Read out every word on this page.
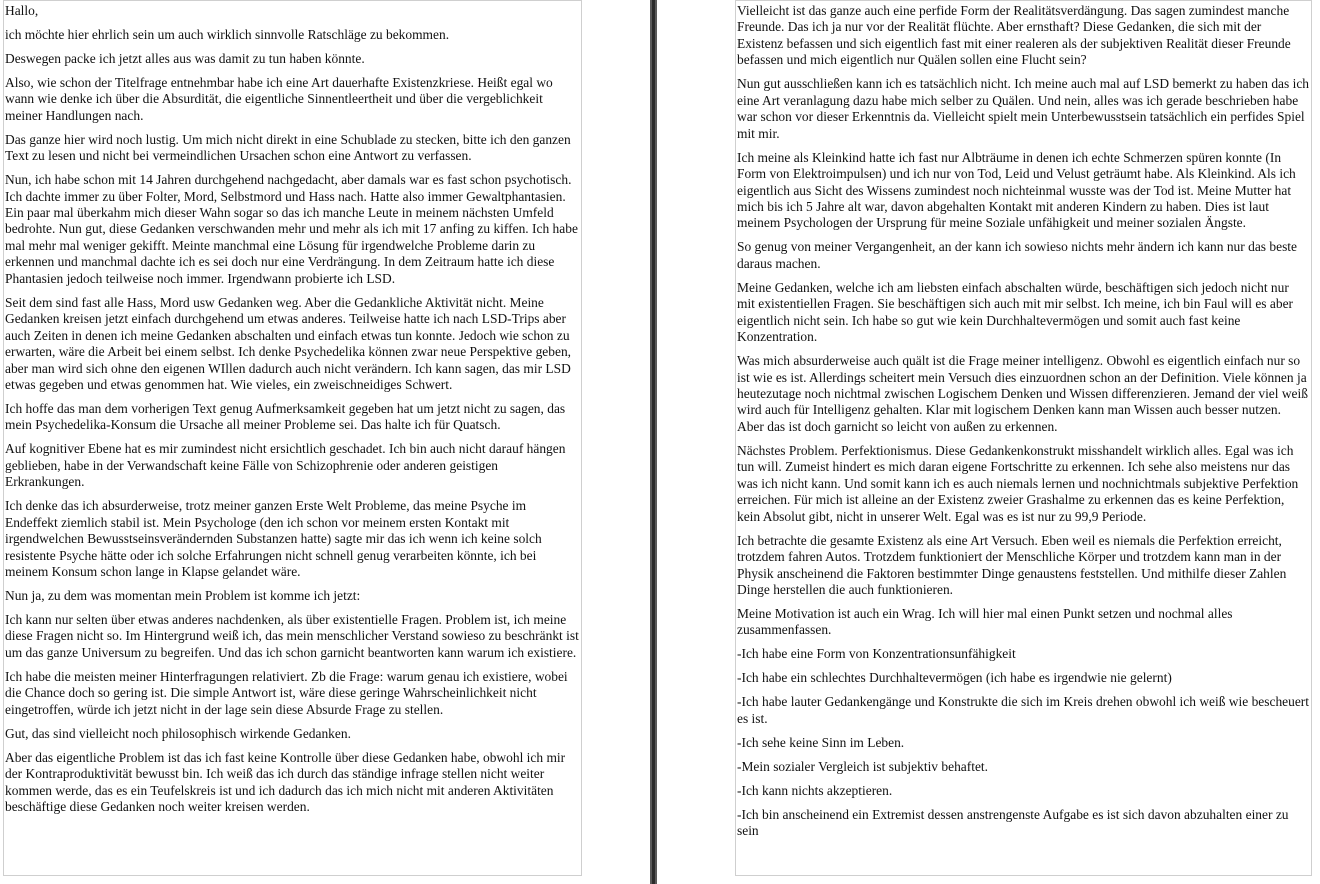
Hallo,

ich möchte hier ehrlich sein um auch wirklich sinnvolle Ratschläge zu bekommen.

Deswegen packe ich jetzt alles aus was damit zu tun haben könnte.

Also, wie schon der Titelfrage entnehmbar habe ich eine Art dauerhafte Existenzkriese. Heißt egal wo wann wie denke ich über die Absurdität, die eigentliche Sinnentleertheit und über die vergeblichkeit meiner Handlungen nach.

Das ganze hier wird noch lustig. Um mich nicht direkt in eine Schublade zu stecken, bitte ich den ganzen Text zu lesen und nicht bei vermeindlichen Ursachen schon eine Antwort zu verfassen.

Nun, ich habe schon mit 14 Jahren durchgehend nachgedacht, aber damals war es fast schon psychotisch. Ich dachte immer zu über Folter, Mord, Selbstmord und Hass nach. Hatte also immer Gewaltphantasien. Ein paar mal überkahm mich dieser Wahn sogar so das ich manche Leute in meinem nächsten Umfeld bedrohte. Nun gut, diese Gedanken verschwanden mehr und mehr als ich mit 17 anfing zu kiffen. Ich habe mal mehr mal weniger gekifft. Meinte manchmal eine Lösung für irgendwelche Probleme darin zu erkennen und manchmal dachte ich es sei doch nur eine Verdrängung. In dem Zeitraum hatte ich diese Phantasien jedoch teilweise noch immer. Irgendwann probierte ich LSD.

Seit dem sind fast alle Hass, Mord usw Gedanken weg. Aber die Gedankliche Aktivität nicht. Meine Gedanken kreisen jetzt einfach durchgehend um etwas anderes. Teilweise hatte ich nach LSD-Trips aber auch Zeiten in denen ich meine Gedanken abschalten und einfach etwas tun konnte. Jedoch wie schon zu erwarten, wäre die Arbeit bei einem selbst. Ich denke Psychedelika können zwar neue Perspektive geben, aber man wird sich ohne den eigenen WIllen dadurch auch nicht verändern. Ich kann sagen, das mir LSD etwas gegeben und etwas genommen hat. Wie vieles, ein zweischneidiges Schwert.

Ich hoffe das man dem vorherigen Text genug Aufmerksamkeit gegeben hat um jetzt nicht zu sagen, das mein Psychedelika-Konsum die Ursache all meiner Probleme sei. Das halte ich für Quatsch.

Auf kognitiver Ebene hat es mir zumindest nicht ersichtlich geschadet. Ich bin auch nicht darauf hängen geblieben, habe in der Verwandschaft keine Fälle von Schizophrenie oder anderen geistigen Erkrankungen.

Ich denke das ich absurderweise, trotz meiner ganzen Erste Welt Probleme, das meine Psyche im Endeffekt ziemlich stabil ist. Mein Psychologe (den ich schon vor meinem ersten Kontakt mit irgendwelchen Bewusstseinsverändernden Substanzen hatte) sagte mir das ich wenn ich keine solch resistente Psyche hätte oder ich solche Erfahrungen nicht schnell genug verarbeiten könnte, ich bei meinem Konsum schon lange in Klapse gelandet wäre.

Nun ja, zu dem was momentan mein Problem ist komme ich jetzt:

Ich kann nur selten über etwas anderes nachdenken, als über existentielle Fragen. Problem ist, ich meine diese Fragen nicht so. Im Hintergrund weiß ich, das mein menschlicher Verstand sowieso zu beschränkt ist um das ganze Universum zu begreifen. Und das ich schon garnicht beantworten kann warum ich existiere.

Ich habe die meisten meiner Hinterfragungen relativiert. Zb die Frage: warum genau ich existiere, wobei die Chance doch so gering ist. Die simple Antwort ist, wäre diese geringe Wahrscheinlichkeit nicht eingetroffen, würde ich jetzt nicht in der lage sein diese Absurde Frage zu stellen.

Gut, das sind vielleicht noch philosophisch wirkende Gedanken.

Aber das eigentliche Problem ist das ich fast keine Kontrolle über diese Gedanken habe, obwohl ich mir der Kontraproduktivität bewusst bin. Ich weiß das ich durch das ständige infrage stellen nicht weiter kommen werde, das es ein Teufelskreis ist und ich dadurch das ich mich nicht mit anderen Aktivitäten beschäftige diese Gedanken noch weiter kreisen werden.

Vielleicht ist das ganze auch eine perfide Form der Realitätsverdängung. Das sagen zumindest manche Freunde. Das ich ja nur vor der Realität flüchte. Aber ernsthaft? Diese Gedanken, die sich mit der Existenz befassen und sich eigentlich fast mit einer realeren als der subjektiven Realität dieser Freunde befassen und mich eigentlich nur Quälen sollen eine Flucht sein?

Nun gut ausschließen kann ich es tatsächlich nicht. Ich meine auch mal auf LSD bemerkt zu haben das ich eine Art veranlagung dazu habe mich selber zu Quälen. Und nein, alles was ich gerade beschrieben habe war schon vor dieser Erkenntnis da. Vielleicht spielt mein Unterbewusstsein tatsächlich ein perfides Spiel mit mir.

Ich meine als Kleinkind hatte ich fast nur Albträume in denen ich echte Schmerzen spüren konnte (In Form von Elektroimpulsen) und ich nur von Tod, Leid und Velust geträumt habe. Als Kleinkind. Als ich eigentlich aus Sicht des Wissens zumindest noch nichteinmal wusste was der Tod ist. Meine Mutter hat mich bis ich 5 Jahre alt war, davon abgehalten Kontakt mit anderen Kindern zu haben. Dies ist laut meinem Psychologen der Ursprung für meine Soziale unfähigkeit und meiner sozialen Ängste.

So genug von meiner Vergangenheit, an der kann ich sowieso nichts mehr ändern ich kann nur das beste daraus machen.

Meine Gedanken, welche ich am liebsten einfach abschalten würde, beschäftigen sich jedoch nicht nur mit existentiellen Fragen. Sie beschäftigen sich auch mit mir selbst. Ich meine, ich bin Faul will es aber eigentlich nicht sein. Ich habe so gut wie kein Durchhaltevermögen und somit auch fast keine Konzentration.

Was mich absurderweise auch quält ist die Frage meiner intelligenz. Obwohl es eigentlich einfach nur so ist wie es ist. Allerdings scheitert mein Versuch dies einzuordnen schon an der Definition. Viele können ja heutezutage noch nichtmal zwischen Logischem Denken und Wissen differenzieren. Jemand der viel weiß wird auch für Intelligenz gehalten. Klar mit logischem Denken kann man Wissen auch besser nutzen. Aber das ist doch garnicht so leicht von außen zu erkennen.

Nächstes Problem. Perfektionismus. Diese Gedankenkonstrukt misshandelt wirklich alles. Egal was ich tun will. Zumeist hindert es mich daran eigene Fortschritte zu erkennen. Ich sehe also meistens nur das was ich nicht kann. Und somit kann ich es auch niemals lernen und nochnichtmals subjektive Perfektion erreichen. Für mich ist alleine an der Existenz zweier Grashalme zu erkennen das es keine Perfektion, kein Absolut gibt, nicht in unserer Welt. Egal was es ist nur zu 99,9 Periode.

Ich betrachte die gesamte Existenz als eine Art Versuch. Eben weil es niemals die Perfektion erreicht, trotzdem fahren Autos. Trotzdem funktioniert der Menschliche Körper und trotzdem kann man in der Physik anscheinend die Faktoren bestimmter Dinge genaustens feststellen. Und mithilfe dieser Zahlen Dinge herstellen die auch funktionieren.

Meine Motivation ist auch ein Wrag. Ich will hier mal einen Punkt setzen und nochmal alles zusammenfassen.

-Ich habe eine Form von Konzentrationsunfähigkeit

-Ich habe ein schlechtes Durchhaltevermögen (ich habe es irgendwie nie gelernt)

-Ich habe lauter Gedankengänge und Konstrukte die sich im Kreis drehen obwohl ich weiß wie bescheuert es ist.

-Ich sehe keine Sinn im Leben.

-Mein sozialer Vergleich ist subjektiv behaftet.

-Ich kann nichts akzeptieren.

-Ich bin anscheinend ein Extremist dessen anstrengenste Aufgabe es ist sich davon abzuhalten einer zu sein
